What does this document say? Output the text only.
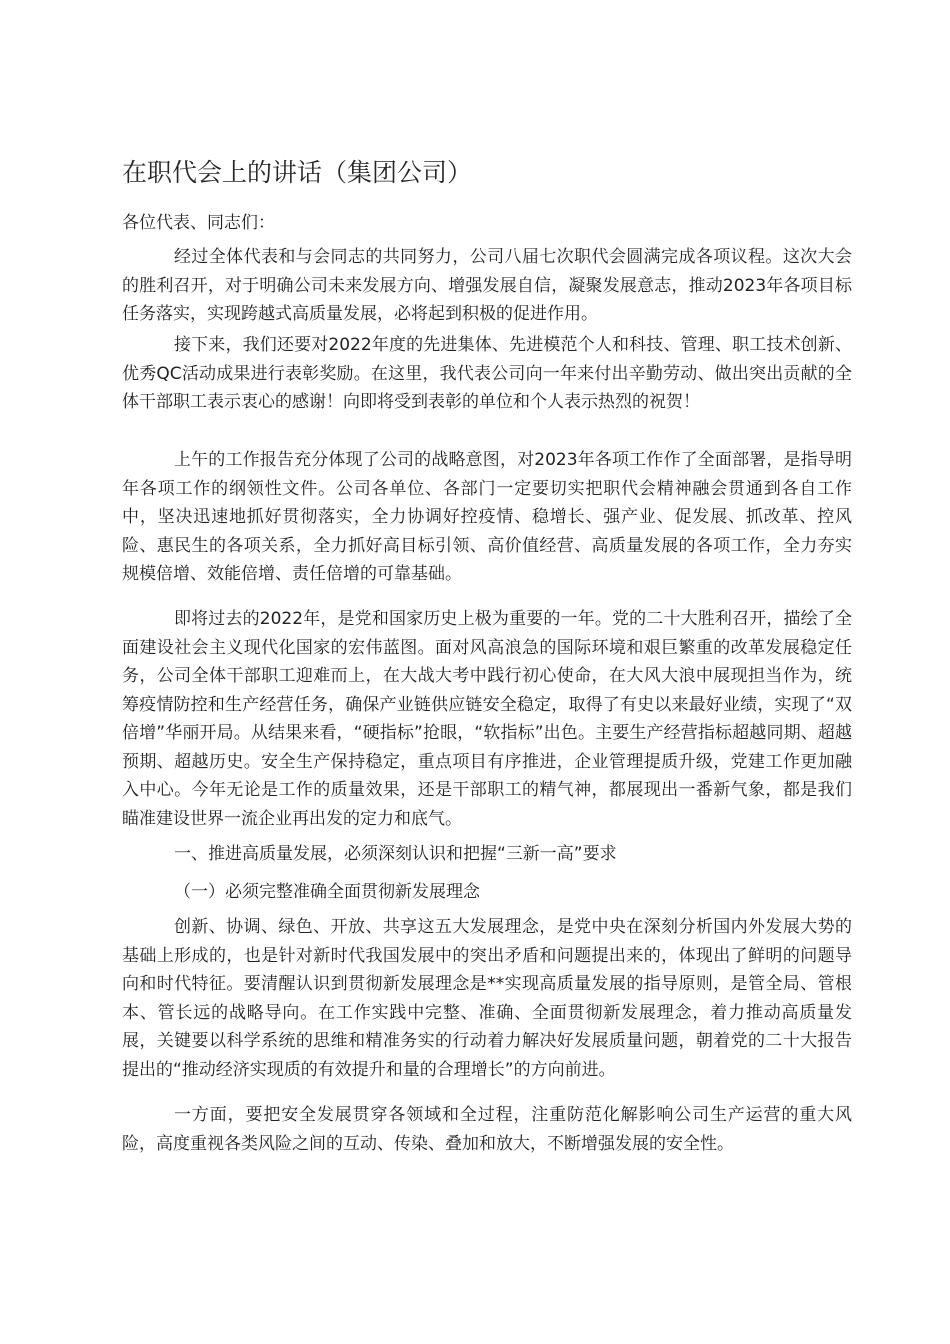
在职代会上的讲话（集团公司）
各位代表、同志们：

经过全体代表和与会同志的共同努力，公司八届七次职代会圆满完成各项议程。这次大会的胜利召开，对于明确公司未来发展方向、增强发展自信，凝聚发展意志，推动2023年各项目标任务落实，实现跨越式高质量发展，必将起到积极的促进作用。

接下来，我们还要对2022年度的先进集体、先进模范个人和科技、管理、职工技术创新、优秀QC活动成果进行表彰奖励。在这里，我代表公司向一年来付出辛勤劳动、做出突出贡献的全体干部职工表示衷心的感谢！向即将受到表彰的单位和个人表示热烈的祝贺！

上午的工作报告充分体现了公司的战略意图，对2023年各项工作作了全面部署，是指导明年各项工作的纲领性文件。公司各单位、各部门一定要切实把职代会精神融会贯通到各自工作中，坚决迅速地抓好贯彻落实，全力协调好控疫情、稳增长、强产业、促发展、抓改革、控风险、惠民生的各项关系，全力抓好高目标引领、高价值经营、高质量发展的各项工作，全力夯实规模倍增、效能倍增、责任倍增的可靠基础。

即将过去的2022年，是党和国家历史上极为重要的一年。党的二十大胜利召开，描绘了全面建设社会主义现代化国家的宏伟蓝图。面对风高浪急的国际环境和艰巨繁重的改革发展稳定任务，公司全体干部职工迎难而上，在大战大考中践行初心使命，在大风大浪中展现担当作为，统筹疫情防控和生产经营任务，确保产业链供应链安全稳定，取得了有史以来最好业绩，实现了“双倍增”华丽开局。从结果来看，“硬指标”抢眼，“软指标”出色。主要生产经营指标超越同期、超越预期、超越历史。安全生产保持稳定，重点项目有序推进，企业管理提质升级，党建工作更加融入中心。今年无论是工作的质量效果，还是干部职工的精气神，都展现出一番新气象，都是我们瞄准建设世界一流企业再出发的定力和底气。

一、推进高质量发展，必须深刻认识和把握“三新一高”要求
（一）必须完整准确全面贯彻新发展理念

创新、协调、绿色、开放、共享这五大发展理念，是党中央在深刻分析国内外发展大势的基础上形成的，也是针对新时代我国发展中的突出矛盾和问题提出来的，体现出了鲜明的问题导向和时代特征。要清醒认识到贯彻新发展理念是**实现高质量发展的指导原则，是管全局、管根本、管长远的战略导向。在工作实践中完整、准确、全面贯彻新发展理念，着力推动高质量发展，关键要以科学系统的思维和精准务实的行动着力解决好发展质量问题，朝着党的二十大报告提出的“推动经济实现质的有效提升和量的合理增长”的方向前进。

一方面，要把安全发展贯穿各领域和全过程，注重防范化解影响公司生产运营的重大风险，高度重视各类风险之间的互动、传染、叠加和放大，不断增强发展的安全性。
